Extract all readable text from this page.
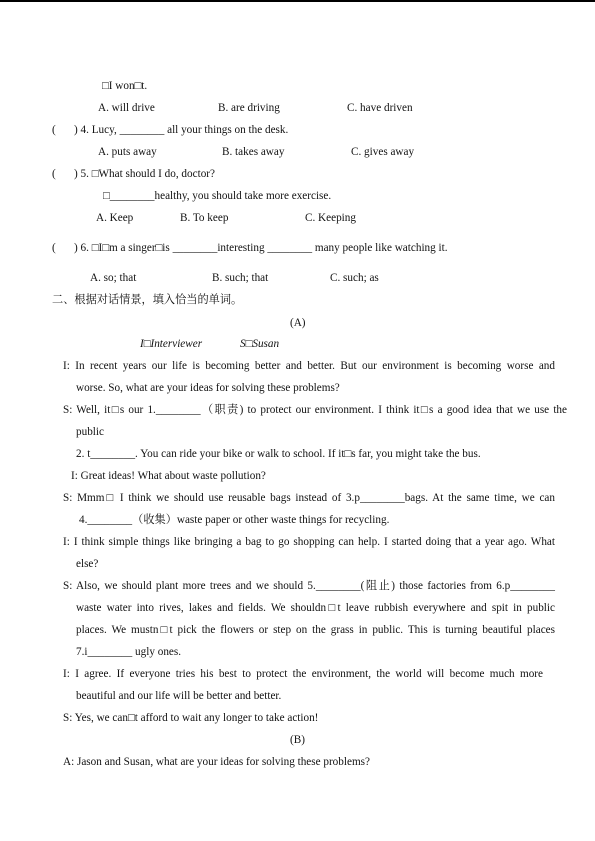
□I won□t.
A. will drive	B. are driving	C. have driven
( ) 4. Lucy, ________ all your things on the desk.
A. puts away	B. takes away	C. gives away
( ) 5. □What should I do, doctor?
□________healthy, you should take more exercise.
A. Keep	B. To keep	C. Keeping
( ) 6. □I□m a singer□is ________interesting ________ many people like watching it.
A. so; that	B. such; that	C. such; as
二、根据对话情景，填入恰当的单词。
(A)
I□Interviewer	S□Susan
I: In recent years our life is becoming better and better. But our environment is becoming worse and
worse. So, what are your ideas for solving these problems?
S: Well, it□s our 1.________（职责) to protect our environment. I think it□s a good idea that we use the
public
2. t________. You can ride your bike or walk to school. If it□s far, you might take the bus.
I: Great ideas! What about waste pollution?
S: Mmm□ I think we should use reusable bags instead of 3.p________bags. At the same time, we can
4.________（收集）waste paper or other waste things for recycling.
I: I think simple things like bringing a bag to go shopping can help. I started doing that a year ago. What
else?
S: Also, we should plant more trees and we should 5.________(阻止) those factories from 6.p________
waste water into rives, lakes and fields. We shouldn□t leave rubbish everywhere and spit in public
places. We mustn□t pick the flowers or step on the grass in public. This is turning beautiful places
7.i________ ugly ones.
I: I agree. If everyone tries his best to protect the environment, the world will become much more
beautiful and our life will be better and better.
S: Yes, we can□t afford to wait any longer to take action!
(B)
A: Jason and Susan, what are your ideas for solving these problems?
